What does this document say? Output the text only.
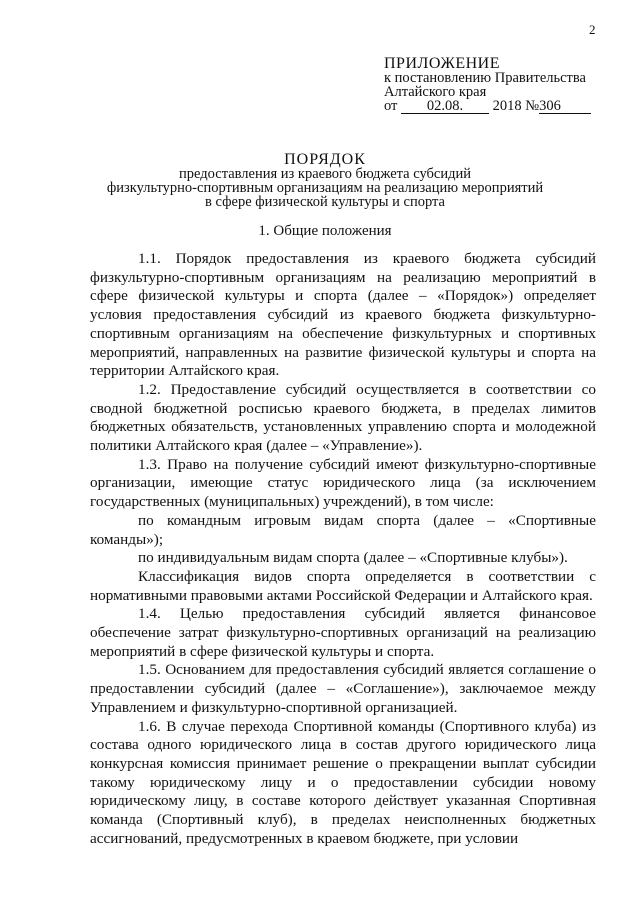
2
ПРИЛОЖЕНИЕ
к постановлению Правительства
Алтайского края
от 02.08. 2018 №306
ПОРЯДОК
предоставления из краевого бюджета субсидий
физкультурно-спортивным организациям на реализацию мероприятий
в сфере физической культуры и спорта
1. Общие положения

1.1. Порядок предоставления из краевого бюджета субсидий физкультурно-спортивным организациям на реализацию мероприятий в сфере физической культуры и спорта (далее – «Порядок») определяет условия предоставления субсидий из краевого бюджета физкультурно-спортивным организациям на обеспечение физкультурных и спортивных мероприятий, направленных на развитие физической культуры и спорта на территории Алтайского края.

1.2. Предоставление субсидий осуществляется в соответствии со сводной бюджетной росписью краевого бюджета, в пределах лимитов бюджетных обязательств, установленных управлению спорта и молодежной политики Алтайского края (далее – «Управление»).

1.3. Право на получение субсидий имеют физкультурно-спортивные организации, имеющие статус юридического лица (за исключением государственных (муниципальных) учреждений), в том числе:

по командным игровым видам спорта (далее – «Спортивные команды»);

по индивидуальным видам спорта (далее – «Спортивные клубы»).

Классификация видов спорта определяется в соответствии с нормативными правовыми актами Российской Федерации и Алтайского края.

1.4. Целью предоставления субсидий является финансовое обеспечение затрат физкультурно-спортивных организаций на реализацию мероприятий в сфере физической культуры и спорта.

1.5. Основанием для предоставления субсидий является соглашение о предоставлении субсидий (далее – «Соглашение»), заключаемое между Управлением и физкультурно-спортивной организацией.

1.6. В случае перехода Спортивной команды (Спортивного клуба) из состава одного юридического лица в состав другого юридического лица конкурсная комиссия принимает решение о прекращении выплат субсидии такому юридическому лицу и о предоставлении субсидии новому юридическому лицу, в составе которого действует указанная Спортивная команда (Спортивный клуб), в пределах неисполненных бюджетных ассигнований, предусмотренных в краевом бюджете, при условии
